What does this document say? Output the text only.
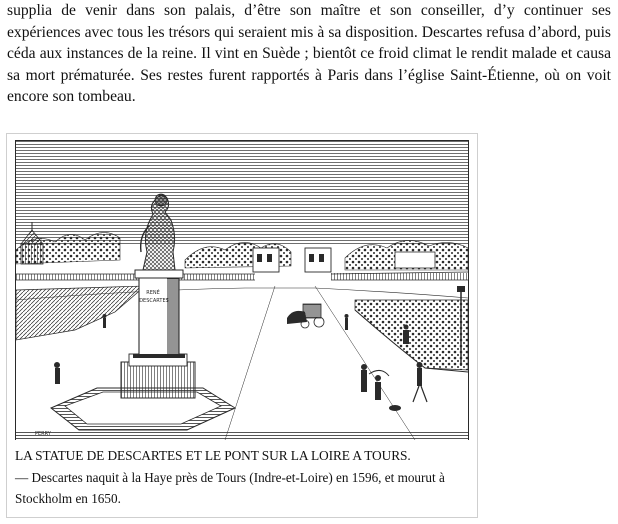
supplia de venir dans son palais, d’être son maître et son conseiller, d’y continuer ses expériences avec tous les trésors qui seraient mis à sa disposition. Descartes refusa d’abord, puis céda aux instances de la reine. Il vint en Suède ; bientôt ce froid climat le rendit malade et causa sa mort prématurée. Ses restes furent rapportés à Paris dans l’église Saint-Étienne, où on voit encore son tombeau.

RENÉ
DESCARTES
PERRY
LA STATUE DE DESCARTES ET LE PONT SUR LA LOIRE A TOURS.
— Descartes naquit à la Haye près de Tours (Indre-et-Loire) en 1596, et mourut à Stockholm en 1650.
